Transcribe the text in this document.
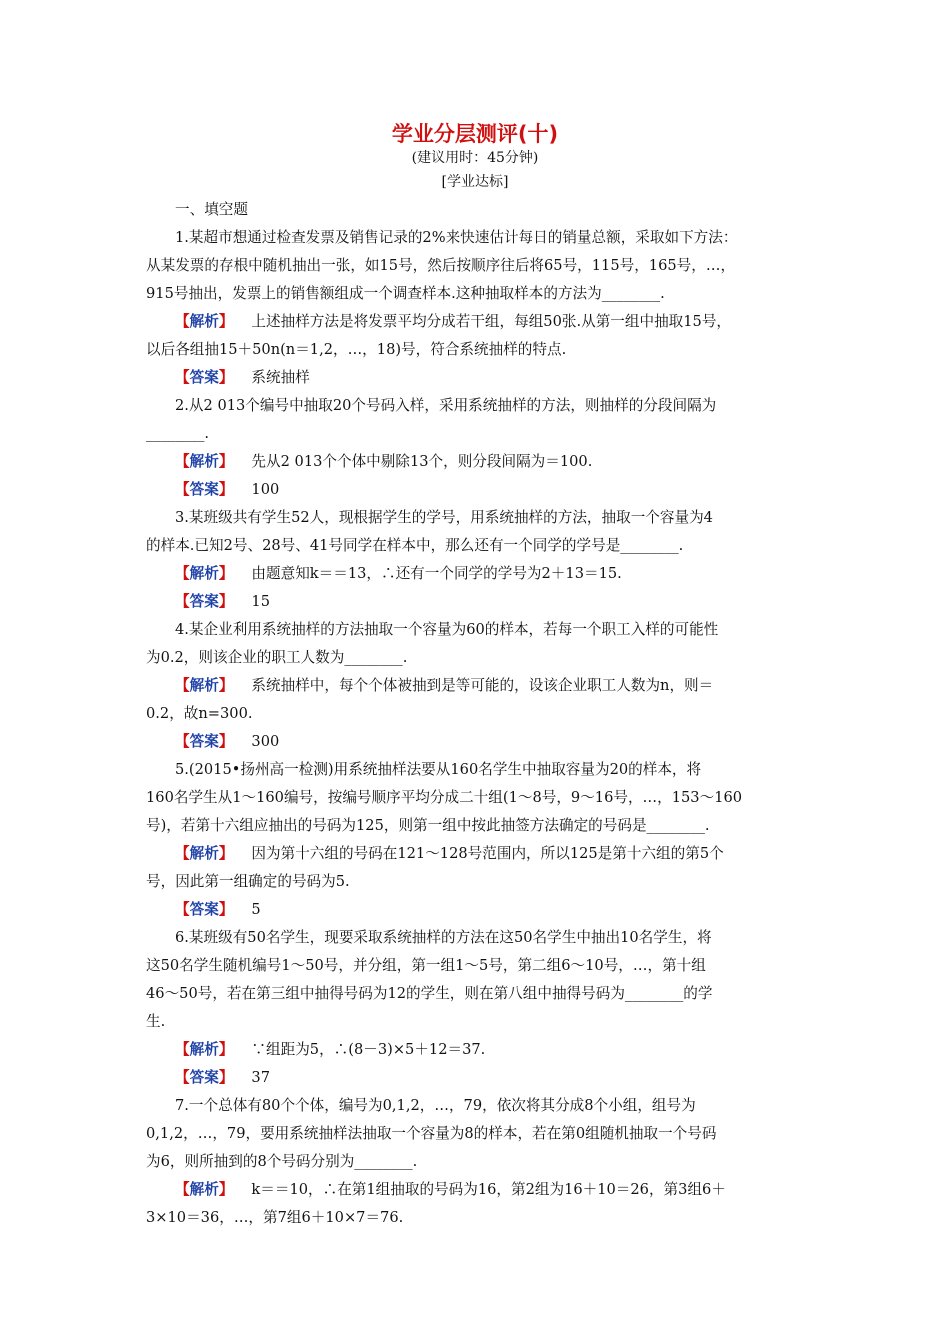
学业分层测评(十)
(建议用时：45分钟)
[学业达标]

一、填空题

1.某超市想通过检查发票及销售记录的2%来快速估计每日的销量总额，采取如下方法：

从某发票的存根中随机抽出一张，如15号，然后按顺序往后将65号，115号，165号，…，

915号抽出，发票上的销售额组成一个调查样本.这种抽取样本的方法为________.

【解析】 上述抽样方法是将发票平均分成若干组，每组50张.从第一组中抽取15号，

以后各组抽15＋50n(n＝1,2，…，18)号，符合系统抽样的特点.

【答案】 系统抽样

2.从2 013个编号中抽取20个号码入样，采用系统抽样的方法，则抽样的分段间隔为

________.

【解析】 先从2 013个个体中剔除13个，则分段间隔为＝100.

【答案】 100

3.某班级共有学生52人，现根据学生的学号，用系统抽样的方法，抽取一个容量为4

的样本.已知2号、28号、41号同学在样本中，那么还有一个同学的学号是________.

【解析】 由题意知k＝＝13，∴还有一个同学的学号为2＋13＝15.

【答案】 15

4.某企业利用系统抽样的方法抽取一个容量为60的样本，若每一个职工入样的可能性

为0.2，则该企业的职工人数为________.

【解析】 系统抽样中，每个个体被抽到是等可能的，设该企业职工人数为n，则＝

0.2，故n=300.

【答案】 300

5.(2015•扬州高一检测)用系统抽样法要从160名学生中抽取容量为20的样本，将

160名学生从1～160编号，按编号顺序平均分成二十组(1～8号，9～16号，…，153～160

号)，若第十六组应抽出的号码为125，则第一组中按此抽签方法确定的号码是________.

【解析】 因为第十六组的号码在121～128号范围内，所以125是第十六组的第5个

号，因此第一组确定的号码为5.

【答案】 5

6.某班级有50名学生，现要采取系统抽样的方法在这50名学生中抽出10名学生，将

这50名学生随机编号1～50号，并分组，第一组1～5号，第二组6～10号，…，第十组

46～50号，若在第三组中抽得号码为12的学生，则在第八组中抽得号码为________的学

生.

【解析】 ∵组距为5，∴(8－3)×5＋12＝37.

【答案】 37

7.一个总体有80个个体，编号为0,1,2，…，79，依次将其分成8个小组，组号为

0,1,2，…，79，要用系统抽样法抽取一个容量为8的样本，若在第0组随机抽取一个号码

为6，则所抽到的8个号码分别为________.

【解析】 k＝＝10，∴在第1组抽取的号码为16，第2组为16＋10＝26，第3组6＋

3×10＝36，…，第7组6＋10×7＝76.
